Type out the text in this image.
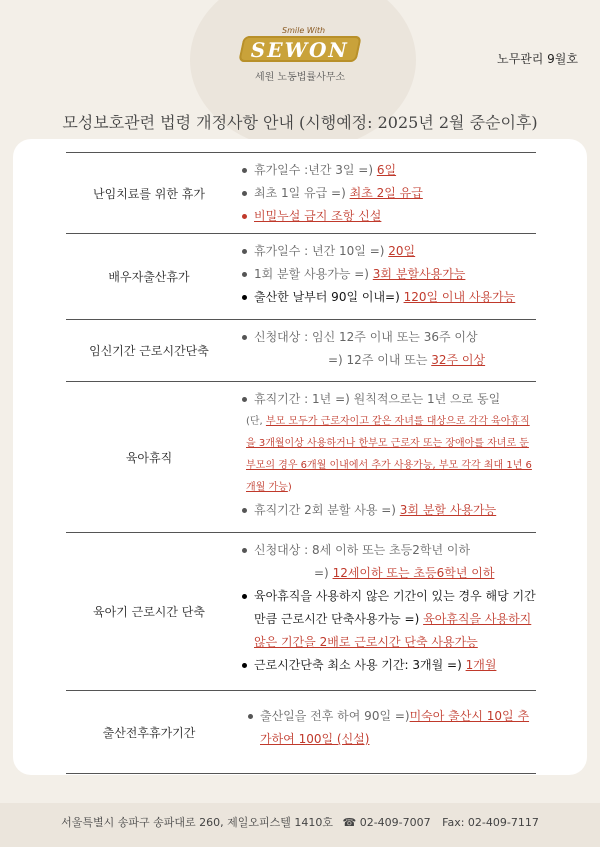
Smile With
SEWON
세원 노동법률사무소
노무관리 9월호
모성보호관련 법령 개정사항 안내 (시행예정: 2025년 2월 중순이후)
난임치료를 위한 휴가
휴가일수 :년간 3일 =) 6일
최초 1일 유급 =) 최초 2일 유급
비밀누설 금지 조항 신설
배우자출산휴가
휴가일수 : 년간 10일 =) 20일
1회 분할 사용가능 =) 3회 분할사용가능
출산한 날부터 90일 이내=) 120일 이내 사용가능
임신기간 근로시간단축
신청대상 : 임신 12주 이내 또는 36주 이상
=) 12주 이내 또는 32주 이상
육아휴직
휴직기간 : 1년 =) 원칙적으로는 1년 으로 동일
(단, 부모 모두가 근로자이고 같은 자녀를 대상으로 각각 육아휴직을 3개월이상 사용하거나 한부모 근로자 또는 장애아를 자녀로 둔 부모의 경우 6개월 이내에서 추가 사용가능, 부모 각각 최대 1년 6개월 가능)
휴직기간 2회 분할 사용 =) 3회 분할 사용가능
육아기 근로시간 단축
신청대상 : 8세 이하 또는 초등2학년 이하
=) 12세이하 또는 초등6학년 이하
육아휴직을 사용하지 않은 기간이 있는 경우 해당 기간 만큼 근로시간 단축사용가능 =) 육아휴직을 사용하지 않은 기간을 2배로 근로시간 단축 사용가능
근로시간단축 최소 사용 기간: 3개월 =) 1개월
출산전후휴가기간
출산일을 전후 하여 90일 =)미숙아 출산시 10일 추가하여 100일 (신설)
서울특별시 송파구 송파대로 260, 제일오피스텔 1410호 ☎ 02-409-7007 Fax: 02-409-7117
